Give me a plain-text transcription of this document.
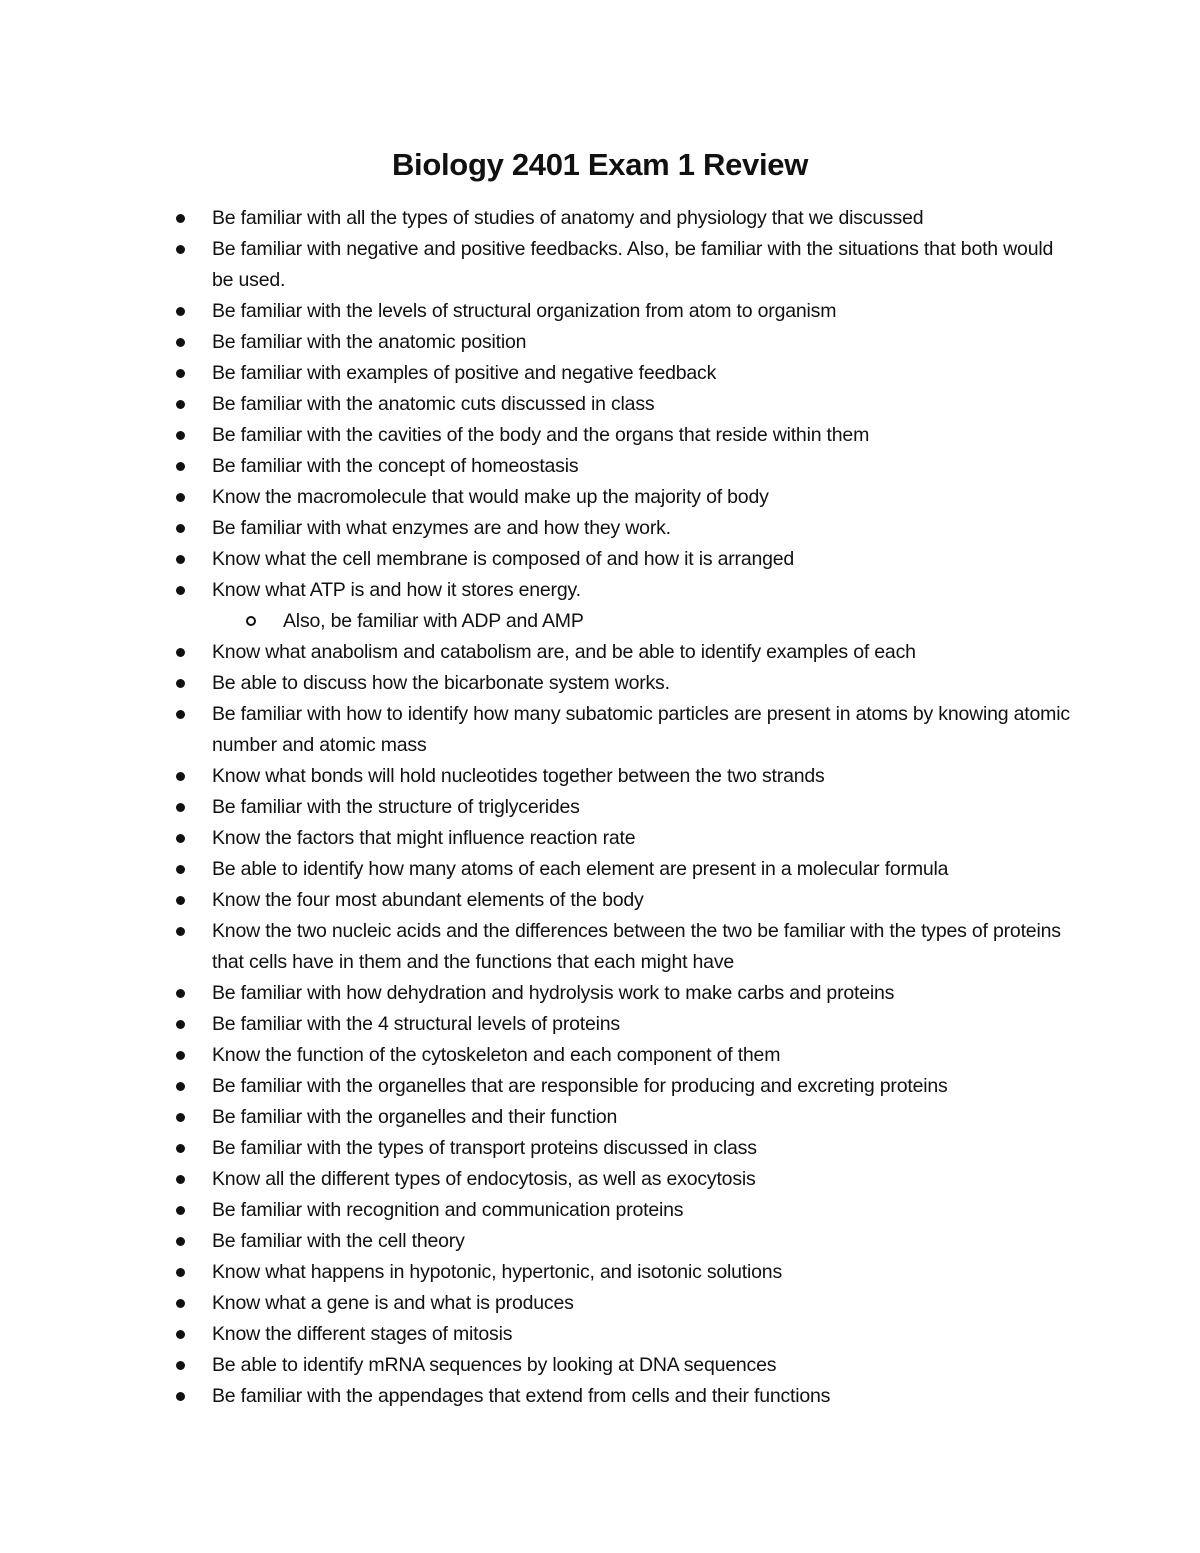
Biology 2401 Exam 1 Review
Be familiar with all the types of studies of anatomy and physiology that we discussed
Be familiar with negative and positive feedbacks. Also, be familiar with the situations that both would be used.
Be familiar with the levels of structural organization from atom to organism
Be familiar with the anatomic position
Be familiar with examples of positive and negative feedback
Be familiar with the anatomic cuts discussed in class
Be familiar with the cavities of the body and the organs that reside within them
Be familiar with the concept of homeostasis
Know the macromolecule that would make up the majority of body
Be familiar with what enzymes are and how they work.
Know what the cell membrane is composed of and how it is arranged
Know what ATP is and how it stores energy.
Also, be familiar with ADP and AMP
Know what anabolism and catabolism are, and be able to identify examples of each
Be able to discuss how the bicarbonate system works.
Be familiar with how to identify how many subatomic particles are present in atoms by knowing atomic number and atomic mass
Know what bonds will hold nucleotides together between the two strands
Be familiar with the structure of triglycerides
Know the factors that might influence reaction rate
Be able to identify how many atoms of each element are present in a molecular formula
Know the four most abundant elements of the body
Know the two nucleic acids and the differences between the two be familiar with the types of proteins that cells have in them and the functions that each might have
Be familiar with how dehydration and hydrolysis work to make carbs and proteins
Be familiar with the 4 structural levels of proteins
Know the function of the cytoskeleton and each component of them
Be familiar with the organelles that are responsible for producing and excreting proteins
Be familiar with the organelles and their function
Be familiar with the types of transport proteins discussed in class
Know all the different types of endocytosis, as well as exocytosis
Be familiar with recognition and communication proteins
Be familiar with the cell theory
Know what happens in hypotonic, hypertonic, and isotonic solutions
Know what a gene is and what is produces
Know the different stages of mitosis
Be able to identify mRNA sequences by looking at DNA sequences
Be familiar with the appendages that extend from cells and their functions
